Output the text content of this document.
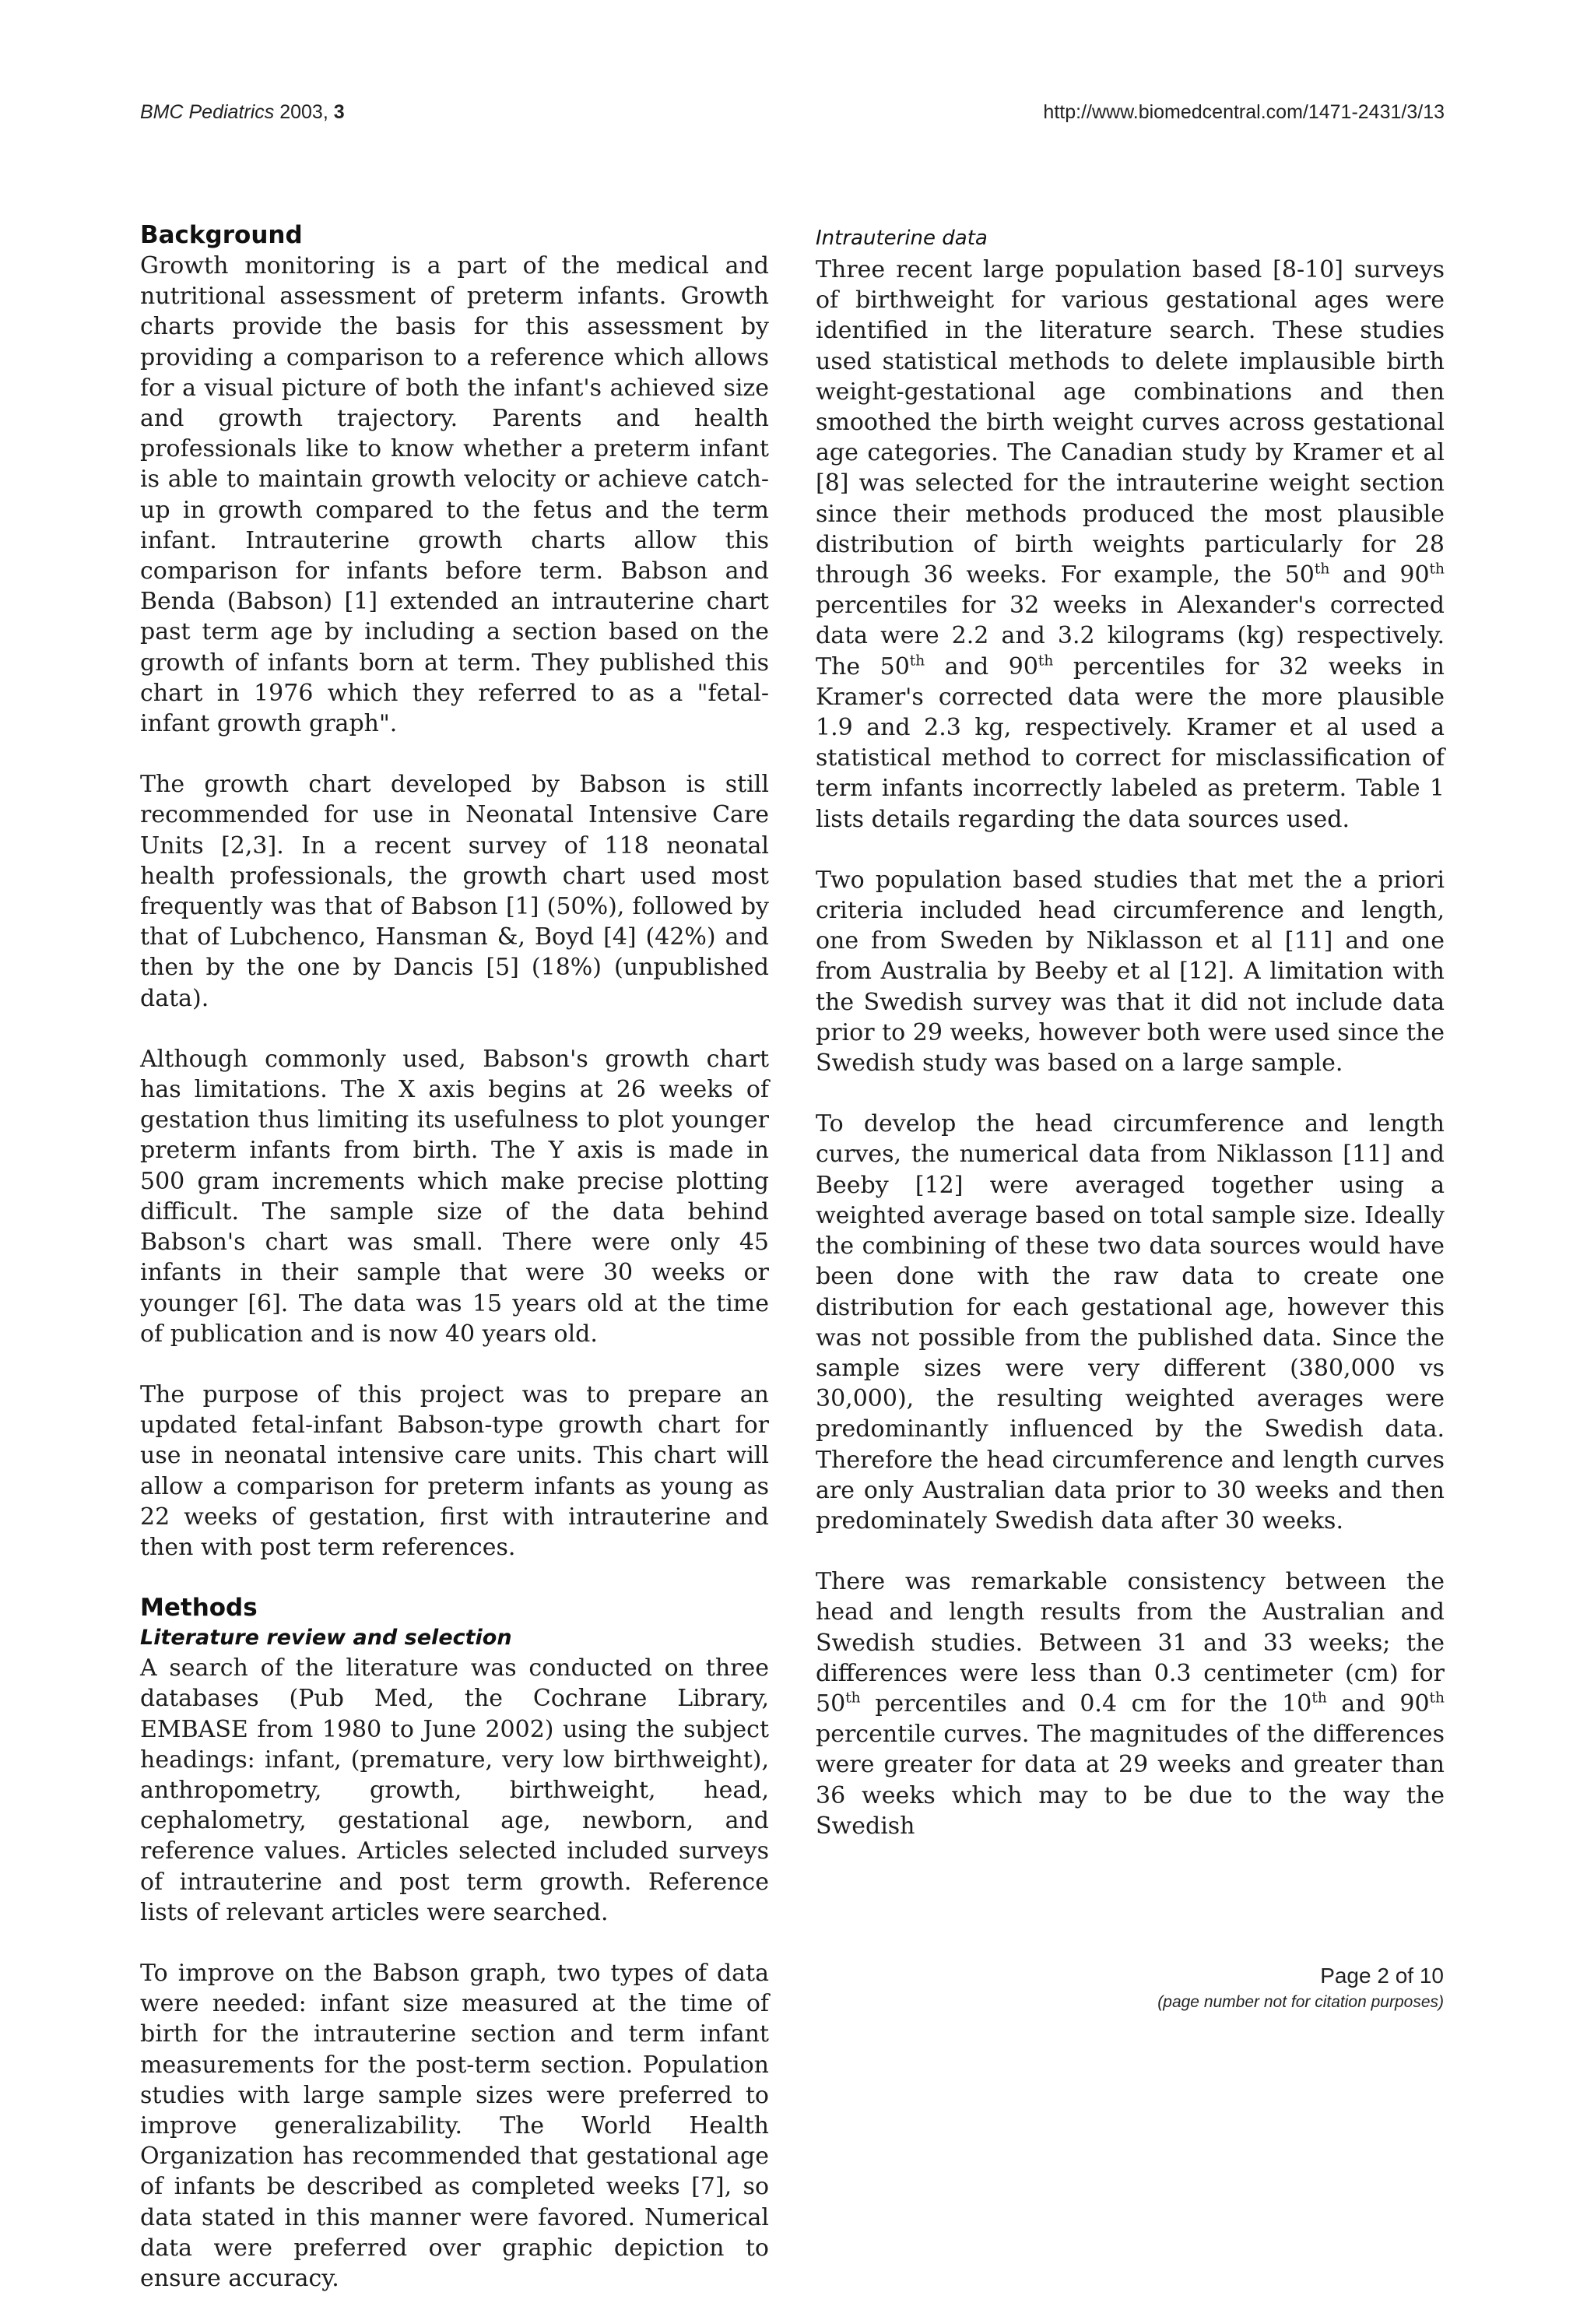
BMC Pediatrics 2003, 3	http://www.biomedcentral.com/1471-2431/3/13
Background

Growth monitoring is a part of the medical and nutritional assessment of preterm infants. Growth charts provide the basis for this assessment by providing a comparison to a reference which allows for a visual picture of both the infant's achieved size and growth trajectory. Parents and health professionals like to know whether a preterm infant is able to maintain growth velocity or achieve catch-up in growth compared to the fetus and the term infant. Intrauterine growth charts allow this comparison for infants before term. Babson and Benda (Babson) [1] extended an intrauterine chart past term age by including a section based on the growth of infants born at term. They published this chart in 1976 which they referred to as a "fetal-infant growth graph".

The growth chart developed by Babson is still recommended for use in Neonatal Intensive Care Units [2,3]. In a recent survey of 118 neonatal health professionals, the growth chart used most frequently was that of Babson [1] (50%), followed by that of Lubchenco, Hansman &, Boyd [4] (42%) and then by the one by Dancis [5] (18%) (unpublished data).

Although commonly used, Babson's growth chart has limitations. The X axis begins at 26 weeks of gestation thus limiting its usefulness to plot younger preterm infants from birth. The Y axis is made in 500 gram increments which make precise plotting difficult. The sample size of the data behind Babson's chart was small. There were only 45 infants in their sample that were 30 weeks or younger [6]. The data was 15 years old at the time of publication and is now 40 years old.

The purpose of this project was to prepare an updated fetal-infant Babson-type growth chart for use in neonatal intensive care units. This chart will allow a comparison for preterm infants as young as 22 weeks of gestation, first with intrauterine and then with post term references.

Methods
Literature review and selection

A search of the literature was conducted on three databases (Pub Med, the Cochrane Library, EMBASE from 1980 to June 2002) using the subject headings: infant, (premature, very low birthweight), anthropometry, growth, birthweight, head, cephalometry, gestational age, newborn, and reference values. Articles selected included surveys of intrauterine and post term growth. Reference lists of relevant articles were searched.

To improve on the Babson graph, two types of data were needed: infant size measured at the time of birth for the intrauterine section and term infant measurements for the post-term section. Population studies with large sample sizes were preferred to improve generalizability. The World Health Organization has recommended that gestational age of infants be described as completed weeks [7], so data stated in this manner were favored. Numerical data were preferred over graphic depiction to ensure accuracy.

Intrauterine data

Three recent large population based [8-10] surveys of birthweight for various gestational ages were identified in the literature search. These studies used statistical methods to delete implausible birth weight-gestational age combinations and then smoothed the birth weight curves across gestational age categories. The Canadian study by Kramer et al [8] was selected for the intrauterine weight section since their methods produced the most plausible distribution of birth weights particularly for 28 through 36 weeks. For example, the 50th and 90th percentiles for 32 weeks in Alexander's corrected data were 2.2 and 3.2 kilograms (kg) respectively. The 50th and 90th percentiles for 32 weeks in Kramer's corrected data were the more plausible 1.9 and 2.3 kg, respectively. Kramer et al used a statistical method to correct for misclassification of term infants incorrectly labeled as preterm. Table 1 lists details regarding the data sources used.

Two population based studies that met the a priori criteria included head circumference and length, one from Sweden by Niklasson et al [11] and one from Australia by Beeby et al [12]. A limitation with the Swedish survey was that it did not include data prior to 29 weeks, however both were used since the Swedish study was based on a large sample.

To develop the head circumference and length curves, the numerical data from Niklasson [11] and Beeby [12] were averaged together using a weighted average based on total sample size. Ideally the combining of these two data sources would have been done with the raw data to create one distribution for each gestational age, however this was not possible from the published data. Since the sample sizes were very different (380,000 vs 30,000), the resulting weighted averages were predominantly influenced by the Swedish data. Therefore the head circumference and length curves are only Australian data prior to 30 weeks and then predominately Swedish data after 30 weeks.

There was remarkable consistency between the head and length results from the Australian and Swedish studies. Between 31 and 33 weeks; the differences were less than 0.3 centimeter (cm) for 50th percentiles and 0.4 cm for the 10th and 90th percentile curves. The magnitudes of the differences were greater for data at 29 weeks and greater than 36 weeks which may to be due to the way the Swedish

Page 2 of 10
(page number not for citation purposes)
